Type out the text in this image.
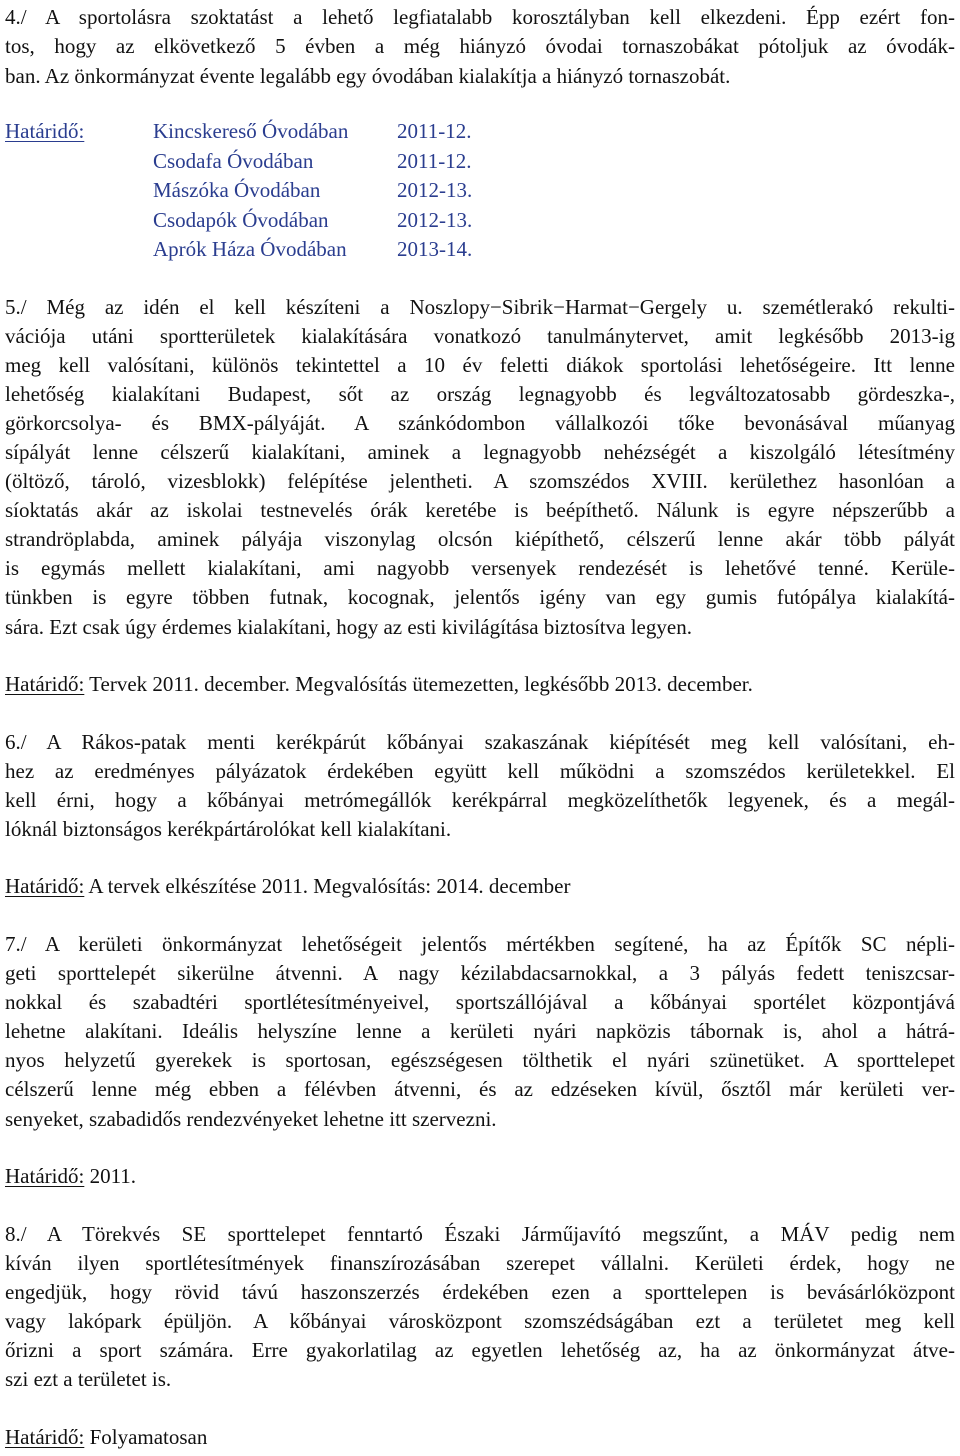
4./ A sportolásra szoktatást a lehető legfiatalabb korosztályban kell elkezdeni. Épp ezért fon-
tos, hogy az elkövetkező 5 évben a még hiányzó óvodai tornaszobákat pótoljuk az óvodák-
ban. Az önkormányzat évente legalább egy óvodában kialakítja a hiányzó tornaszobát.
Határidő:	Kincskereső Óvodában 2011-12.
Csodafa Óvodában	2011-12.
Mászóka Óvodában	2012-13.
Csodapók Óvodában	2012-13.
Aprók Háza Óvodában 2013-14.
5./ Még az idén el kell készíteni a Noszlopy−Sibrik−Harmat−Gergely u. szemétlerakó rekulti-
vációja utáni sportterületek kialakítására vonatkozó tanulmánytervet, amit legkésőbb 2013-ig
meg kell valósítani, különös tekintettel a 10 év feletti diákok sportolási lehetőségeire. Itt lenne
lehetőség kialakítani Budapest, sőt az ország legnagyobb és legváltozatosabb gördeszka-,
görkorcsolya- és BMX-pályáját. A szánkódombon vállalkozói tőke bevonásával műanyag
sípályát lenne célszerű kialakítani, aminek a legnagyobb nehézségét a kiszolgáló létesítmény
(öltöző, tároló, vizesblokk) felépítése jelentheti. A szomszédos XVIII. kerülethez hasonlóan a
síoktatás akár az iskolai testnevelés órák keretébe is beépíthető. Nálunk is egyre népszerűbb a
strandröplabda, aminek pályája viszonylag olcsón kiépíthető, célszerű lenne akár több pályát
is egymás mellett kialakítani, ami nagyobb versenyek rendezését is lehetővé tenné. Kerüle-
tünkben is egyre többen futnak, kocognak, jelentős igény van egy gumis futópálya kialakítá-
sára. Ezt csak úgy érdemes kialakítani, hogy az esti kivilágítása biztosítva legyen.
Határidő: Tervek 2011. december. Megvalósítás ütemezetten, legkésőbb 2013. december.
6./ A Rákos-patak menti kerékpárút kőbányai szakaszának kiépítését meg kell valósítani, eh-
hez az eredményes pályázatok érdekében együtt kell működni a szomszédos kerületekkel. El
kell érni, hogy a kőbányai metrómegállók kerékpárral megközelíthetők legyenek, és a megál-
lóknál biztonságos kerékpártárolókat kell kialakítani.
Határidő: A tervek elkészítése 2011. Megvalósítás: 2014. december
7./ A kerületi önkormányzat lehetőségeit jelentős mértékben segítené, ha az Építők SC népli-
geti sporttelepét sikerülne átvenni. A nagy kézilabdacsarnokkal, a 3 pályás fedett teniszcsar-
nokkal és szabadtéri sportlétesítményeivel, sportszállójával a kőbányai sportélet központjává
lehetne alakítani. Ideális helyszíne lenne a kerületi nyári napközis tábornak is, ahol a hátrá-
nyos helyzetű gyerekek is sportosan, egészségesen tölthetik el nyári szünetüket. A sporttelepet
célszerű lenne még ebben a félévben átvenni, és az edzéseken kívül, ősztől már kerületi ver-
senyeket, szabadidős rendezvényeket lehetne itt szervezni.
Határidő: 2011.
8./ A Törekvés SE sporttelepet fenntartó Északi Járműjavító megszűnt, a MÁV pedig nem
kíván ilyen sportlétesítmények finanszírozásában szerepet vállalni. Kerületi érdek, hogy ne
engedjük, hogy rövid távú haszonszerzés érdekében ezen a sporttelepen is bevásárlóközpont
vagy lakópark épüljön. A kőbányai városközpont szomszédságában ezt a területet meg kell
őrizni a sport számára. Erre gyakorlatilag az egyetlen lehetőség az, ha az önkormányzat átve-
szi ezt a területet is.
Határidő: Folyamatosan
